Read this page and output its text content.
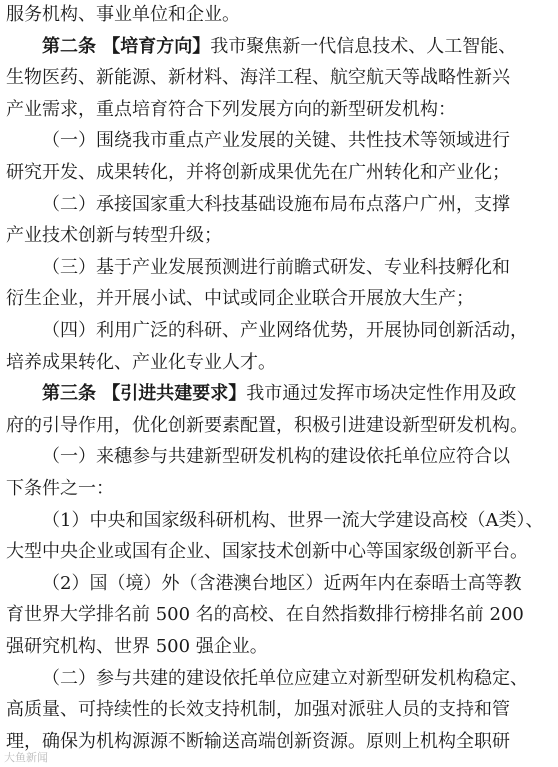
服务机构、事业单位和企业。
第二条 【培育方向】我市聚焦新一代信息技术、人工智能、
生物医药、新能源、新材料、海洋工程、航空航天等战略性新兴
产业需求，重点培育符合下列发展方向的新型研发机构：
（一）围绕我市重点产业发展的关键、共性技术等领域进行
研究开发、成果转化，并将创新成果优先在广州转化和产业化；
（二）承接国家重大科技基础设施布局布点落户广州，支撑
产业技术创新与转型升级；
（三）基于产业发展预测进行前瞻式研发、专业科技孵化和
衍生企业，并开展小试、中试或同企业联合开展放大生产；
（四）利用广泛的科研、产业网络优势，开展协同创新活动，
培养成果转化、产业化专业人才。
第三条 【引进共建要求】我市通过发挥市场决定性作用及政
府的引导作用，优化创新要素配置，积极引进建设新型研发机构。
（一）来穗参与共建新型研发机构的建设依托单位应符合以
下条件之一：
（1）中央和国家级科研机构、世界一流大学建设高校（A类）、
大型中央企业或国有企业、国家技术创新中心等国家级创新平台。
（2）国（境）外（含港澳台地区）近两年内在泰晤士高等教
育世界大学排名前 500 名的高校、在自然指数排行榜排名前 200
强研究机构、世界 500 强企业。
（二）参与共建的建设依托单位应建立对新型研发机构稳定、
高质量、可持续性的长效支持机制，加强对派驻人员的支持和管
理，确保为机构源源不断输送高端创新资源。原则上机构全职研
大鱼新闻
